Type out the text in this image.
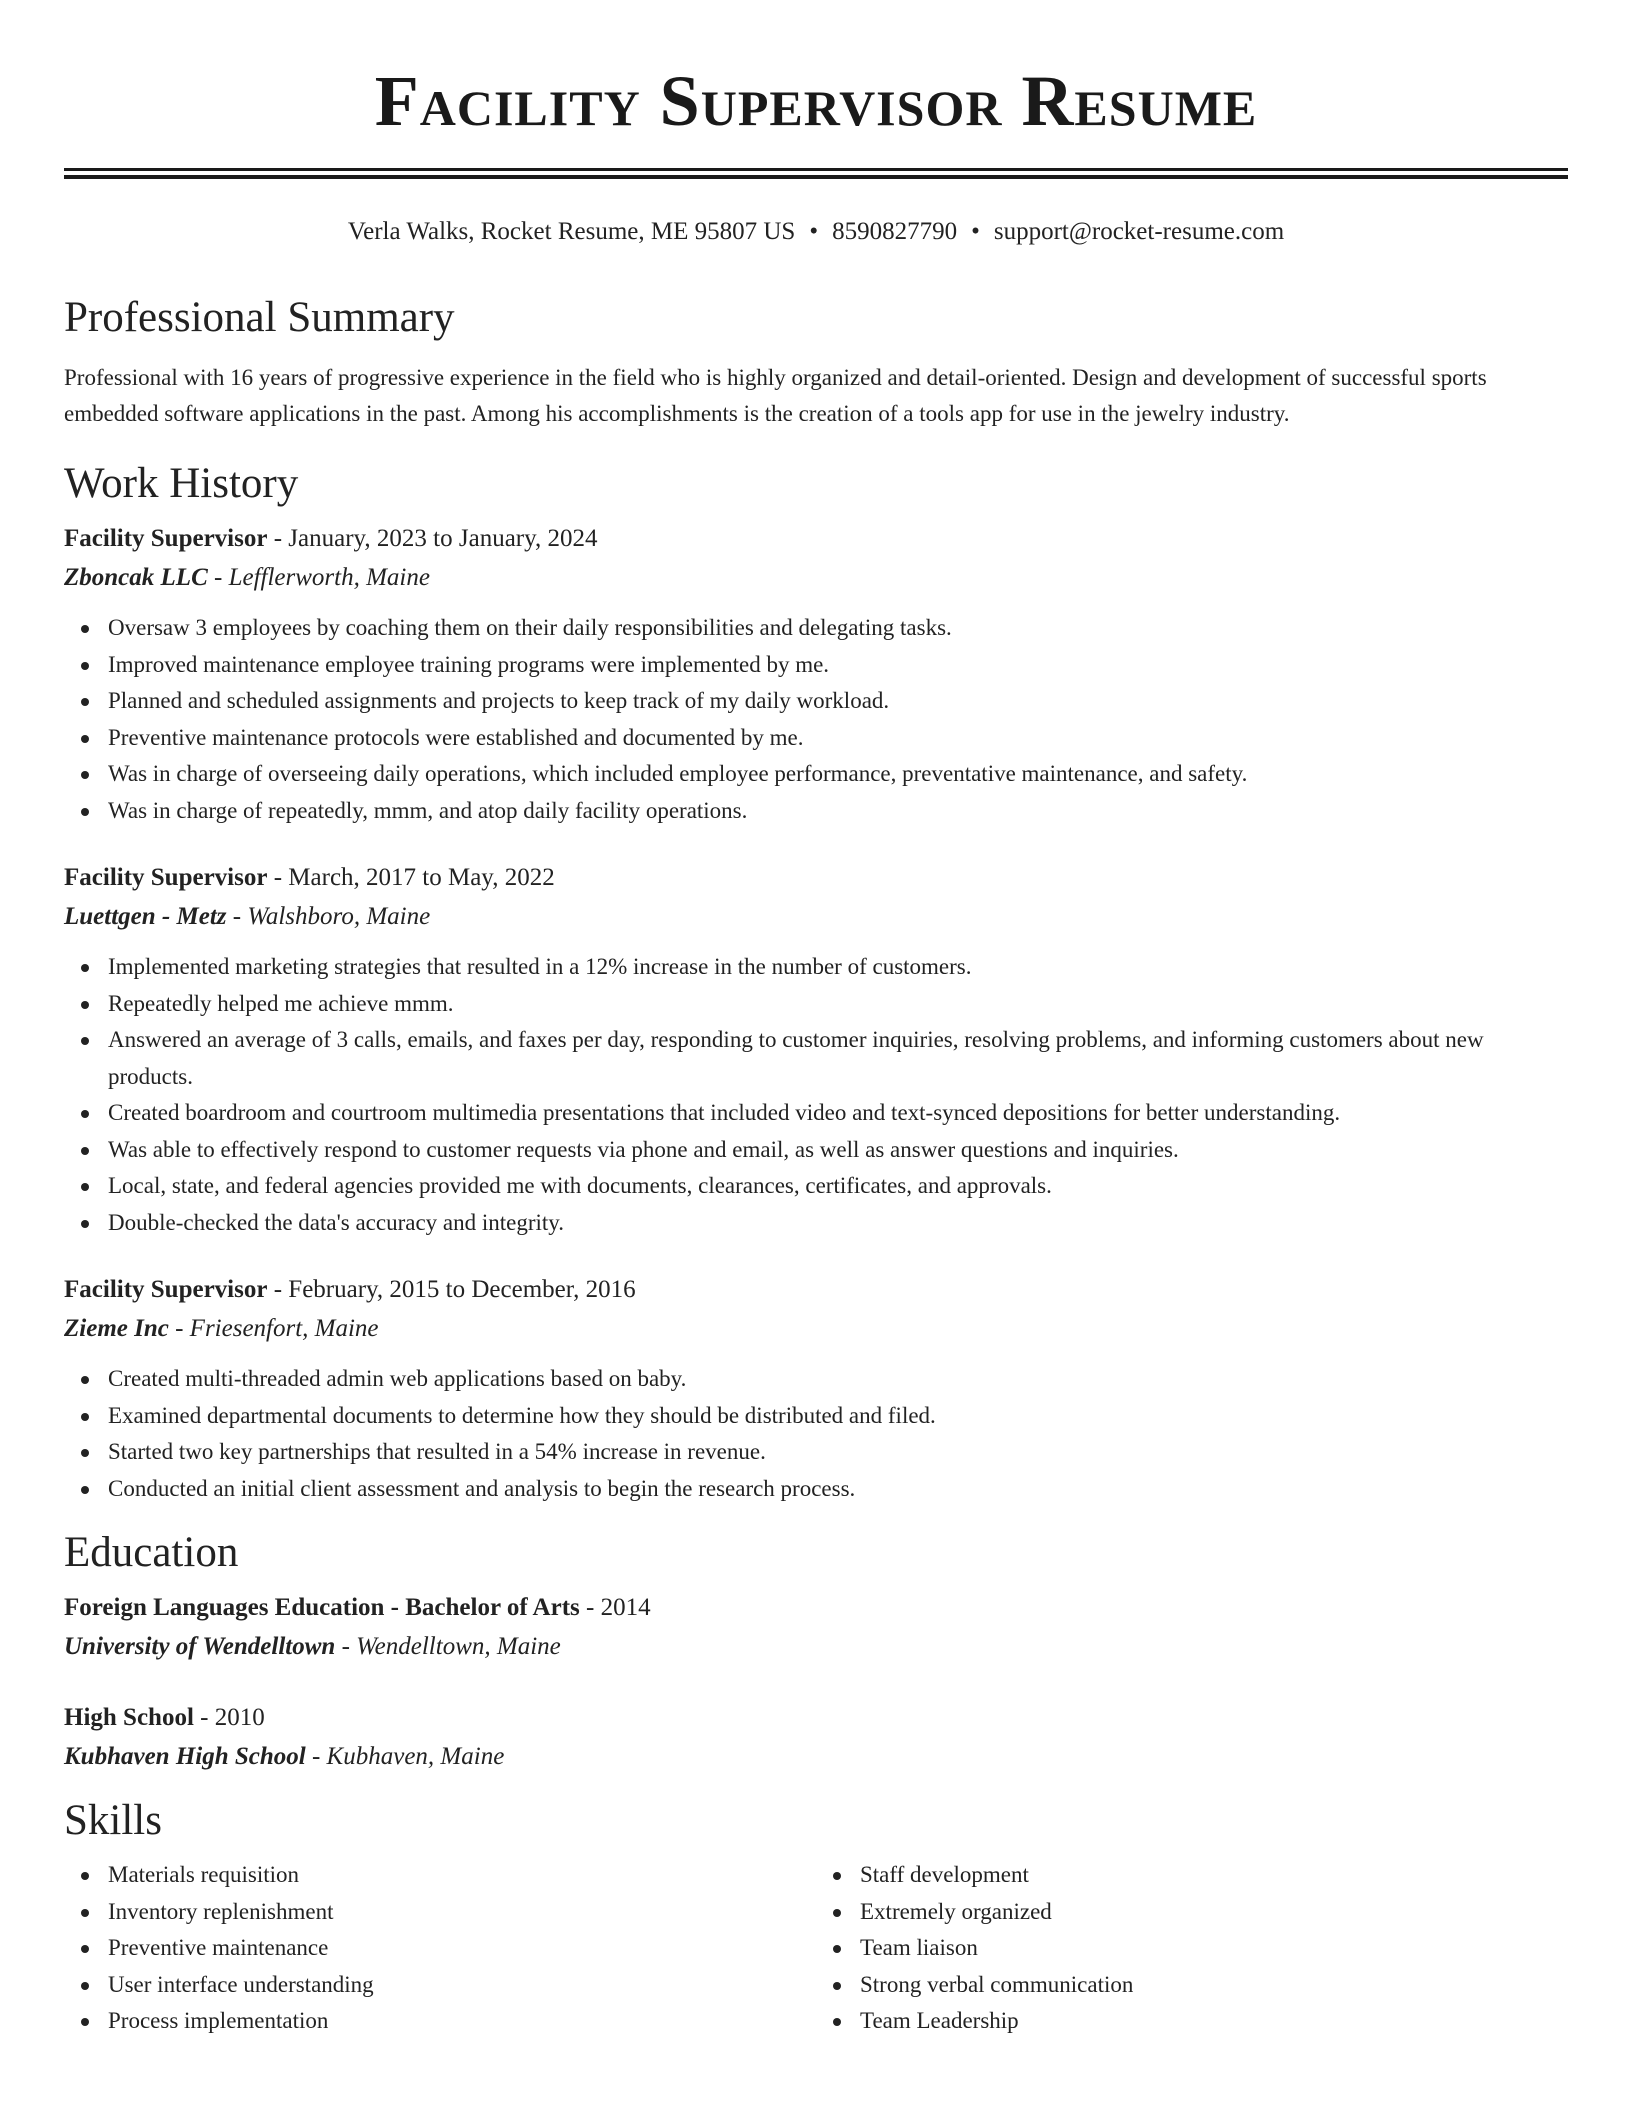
Facility Supervisor Resume
Verla Walks, Rocket Resume, ME 95807 US • 8590827790 • support@rocket-resume.com
Professional Summary

Professional with 16 years of progressive experience in the field who is highly organized and detail-oriented. Design and development of successful sports embedded software applications in the past. Among his accomplishments is the creation of a tools app for use in the jewelry industry.

Work History
Facility Supervisor - January, 2023 to January, 2024
Zboncak LLC - Lefflerworth, Maine
Oversaw 3 employees by coaching them on their daily responsibilities and delegating tasks.
Improved maintenance employee training programs were implemented by me.
Planned and scheduled assignments and projects to keep track of my daily workload.
Preventive maintenance protocols were established and documented by me.
Was in charge of overseeing daily operations, which included employee performance, preventative maintenance, and safety.
Was in charge of repeatedly, mmm, and atop daily facility operations.
Facility Supervisor - March, 2017 to May, 2022
Luettgen - Metz - Walshboro, Maine
Implemented marketing strategies that resulted in a 12% increase in the number of customers.
Repeatedly helped me achieve mmm.
Answered an average of 3 calls, emails, and faxes per day, responding to customer inquiries, resolving problems, and informing customers about new products.
Created boardroom and courtroom multimedia presentations that included video and text-synced depositions for better understanding.
Was able to effectively respond to customer requests via phone and email, as well as answer questions and inquiries.
Local, state, and federal agencies provided me with documents, clearances, certificates, and approvals.
Double-checked the data's accuracy and integrity.
Facility Supervisor - February, 2015 to December, 2016
Zieme Inc - Friesenfort, Maine
Created multi-threaded admin web applications based on baby.
Examined departmental documents to determine how they should be distributed and filed.
Started two key partnerships that resulted in a 54% increase in revenue.
Conducted an initial client assessment and analysis to begin the research process.
Education
Foreign Languages Education - Bachelor of Arts - 2014
University of Wendelltown - Wendelltown, Maine
High School - 2010
Kubhaven High School - Kubhaven, Maine
Skills
Materials requisition
Inventory replenishment
Preventive maintenance
User interface understanding
Process implementation
Staff development
Extremely organized
Team liaison
Strong verbal communication
Team Leadership
